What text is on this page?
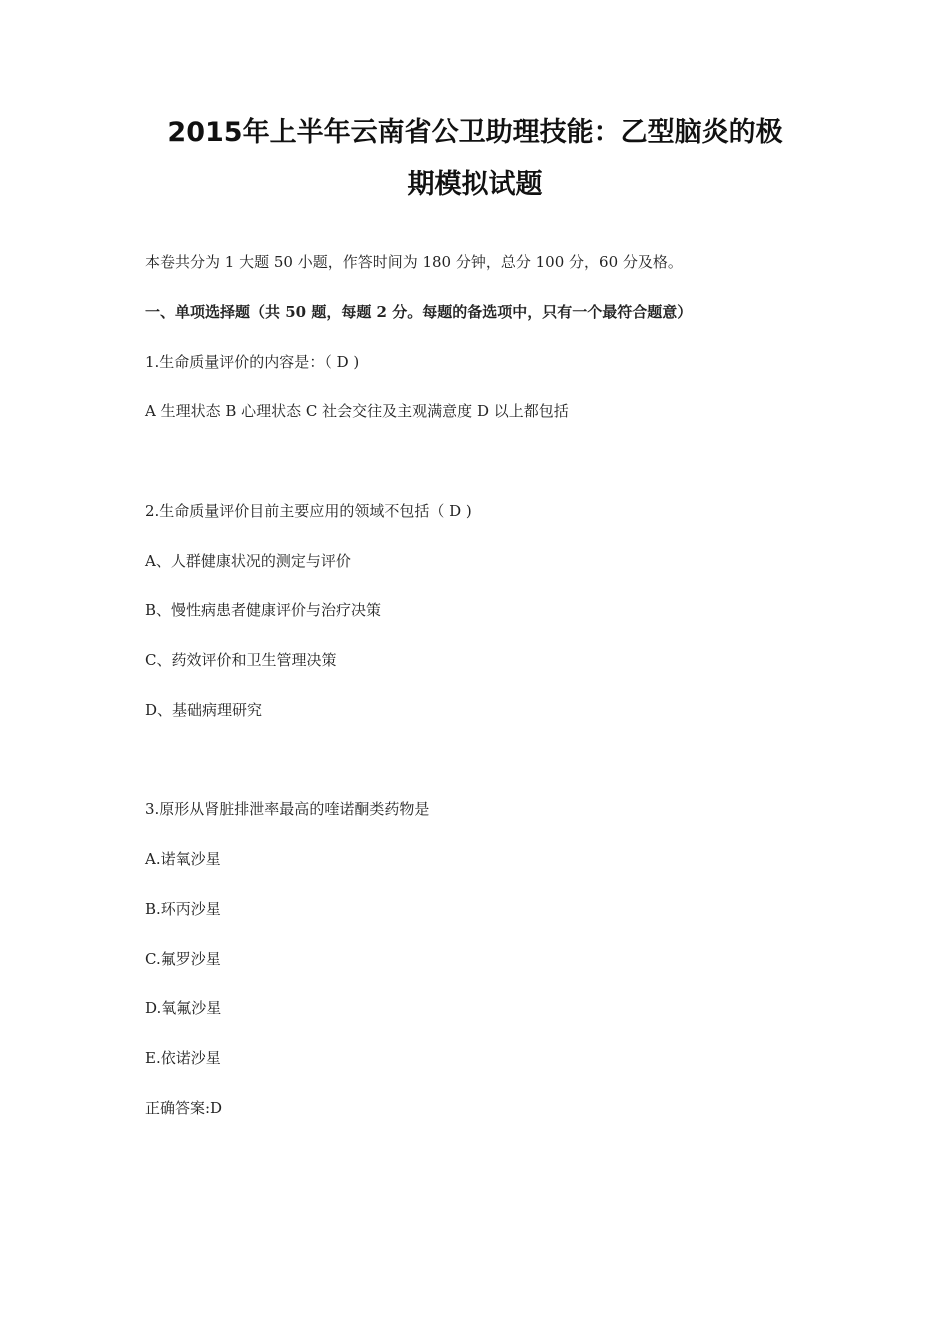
2015年上半年云南省公卫助理技能：乙型脑炎的极
期模拟试题

本卷共分为 1 大题 50 小题，作答时间为 180 分钟，总分 100 分，60 分及格。

一、单项选择题（共 50 题，每题 2 分。每题的备选项中，只有一个最符合题意）

1.生命质量评价的内容是：（ D )

A 生理状态 B 心理状态 C 社会交往及主观满意度 D 以上都包括

2.生命质量评价目前主要应用的领域不包括（ D )

A、人群健康状况的测定与评价

B、慢性病患者健康评价与治疗决策

C、药效评价和卫生管理决策

D、基础病理研究

3.原形从肾脏排泄率最高的喹诺酮类药物是

A.诺氧沙星

B.环丙沙星

C.氟罗沙星

D.氧氟沙星

E.依诺沙星

正确答案:D
